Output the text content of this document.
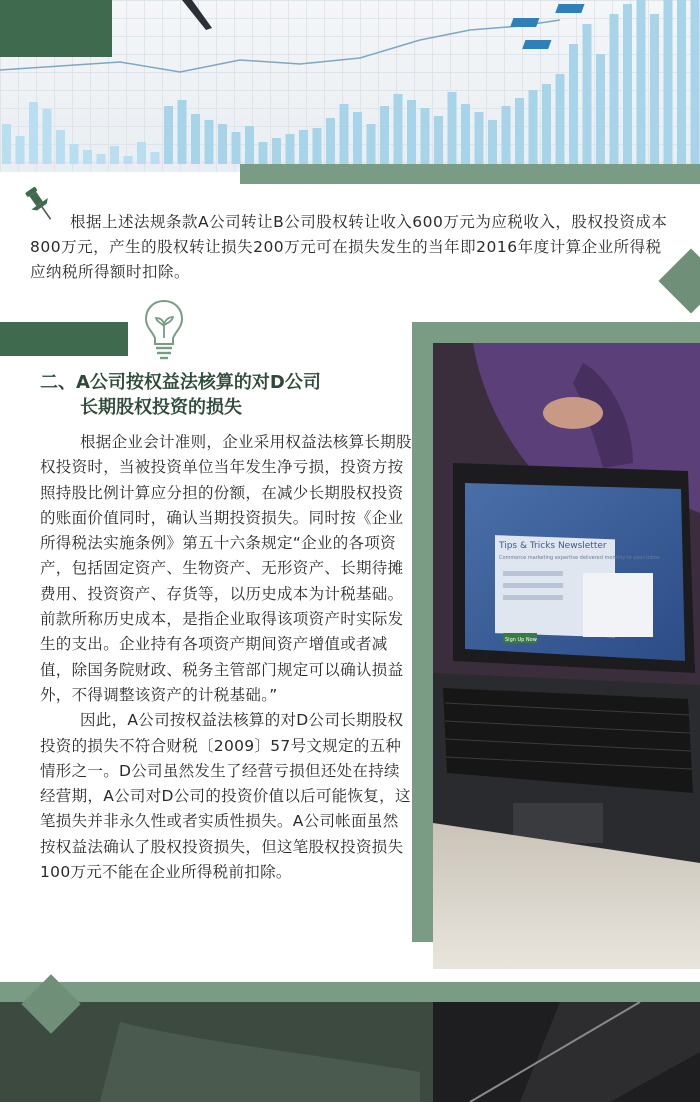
根据上述法规条款A公司转让B公司股权转让收入600万元为应税收入，股权投资成本800万元，产生的股权转让损失200万元可在损失发生的当年即2016年度计算企业所得税应纳税所得额时扣除。
二、A公司按权益法核算的对D公司
长期股权投资的损失

根据企业会计准则，企业采用权益法核算长期股权投资时，当被投资单位当年发生净亏损，投资方按照持股比例计算应分担的份额，在减少长期股权投资的账面价值同时，确认当期投资损失。同时按《企业所得税法实施条例》第五十六条规定“企业的各项资产，包括固定资产、生物资产、无形资产、长期待摊费用、投资资产、存货等，以历史成本为计税基础。前款所称历史成本，是指企业取得该项资产时实际发生的支出。企业持有各项资产期间资产增值或者减值，除国务院财政、税务主管部门规定可以确认损益外，不得调整该资产的计税基础。”

因此，A公司按权益法核算的对D公司长期股权投资的损失不符合财税〔2009〕57号文规定的五种情形之一。D公司虽然发生了经营亏损但还处在持续经营期，A公司对D公司的投资价值以后可能恢复，这笔损失并非永久性或者实质性损失。A公司帐面虽然按权益法确认了股权投资损失，但这笔股权投资损失100万元不能在企业所得税前扣除。

Tips & Tricks Newsletter
Commerce marketing expertise delivered monthly to your inbox
Sign Up Now
